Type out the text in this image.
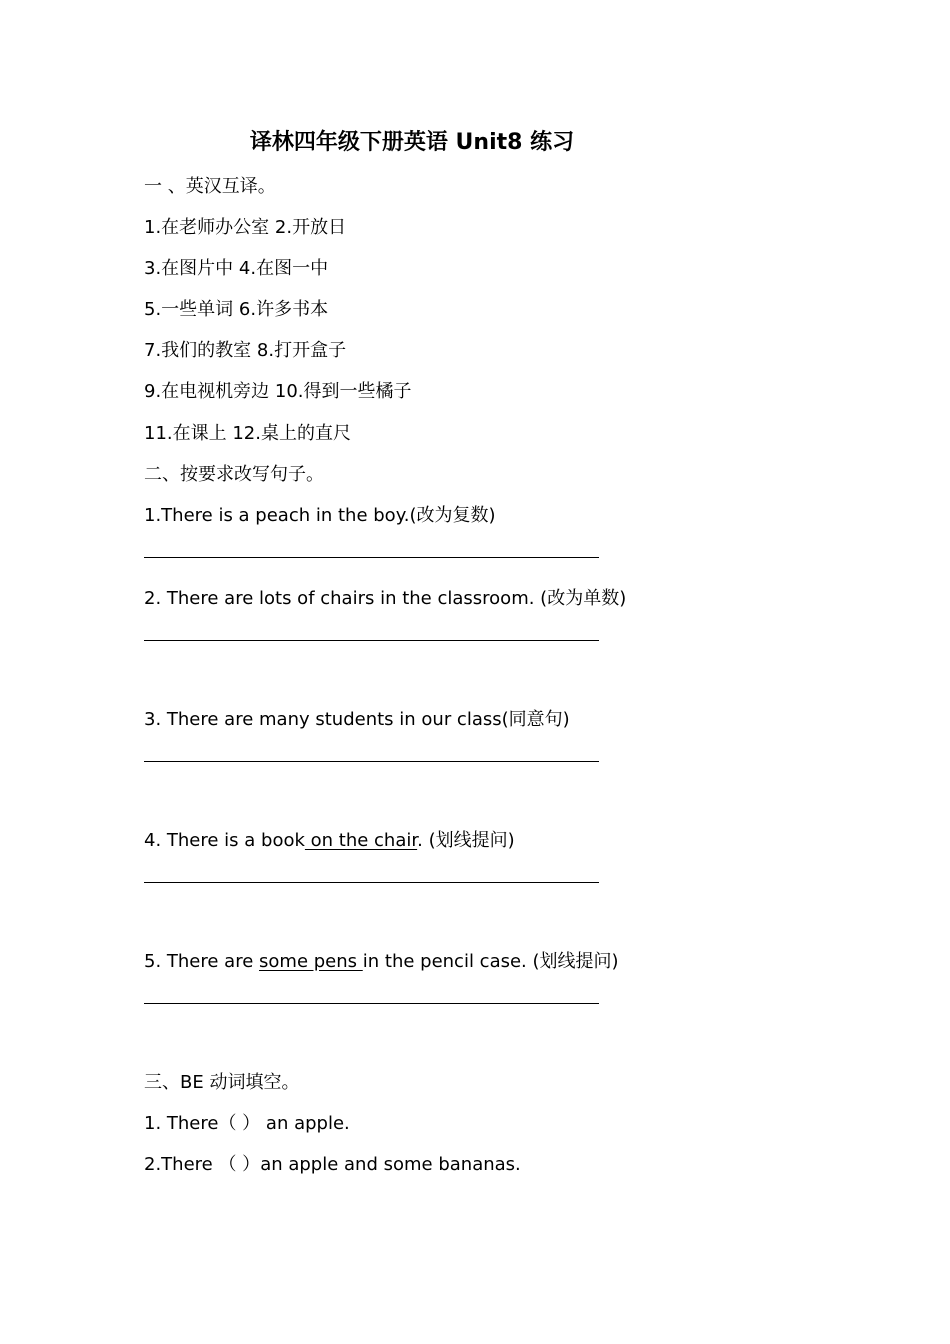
译林四年级下册英语 Unit8 练习
一 、英汉互译。
1.在老师办公室 2.开放日
3.在图片中 4.在图一中
5.一些单词 6.许多书本
7.我们的教室 8.打开盒子
9.在电视机旁边 10.得到一些橘子
11.在课上 12.桌上的直尺
二、按要求改写句子。
1.There is a peach in the boy.(改为复数)
2. There are lots of chairs in the classroom. (改为单数)
3. There are many students in our class(同意句)
4. There is a book on the chair. (划线提问)
5. There are some pens in the pencil case. (划线提问)
三、BE 动词填空。
1. There（ ） an apple.
2.There （ ）an apple and some bananas.
